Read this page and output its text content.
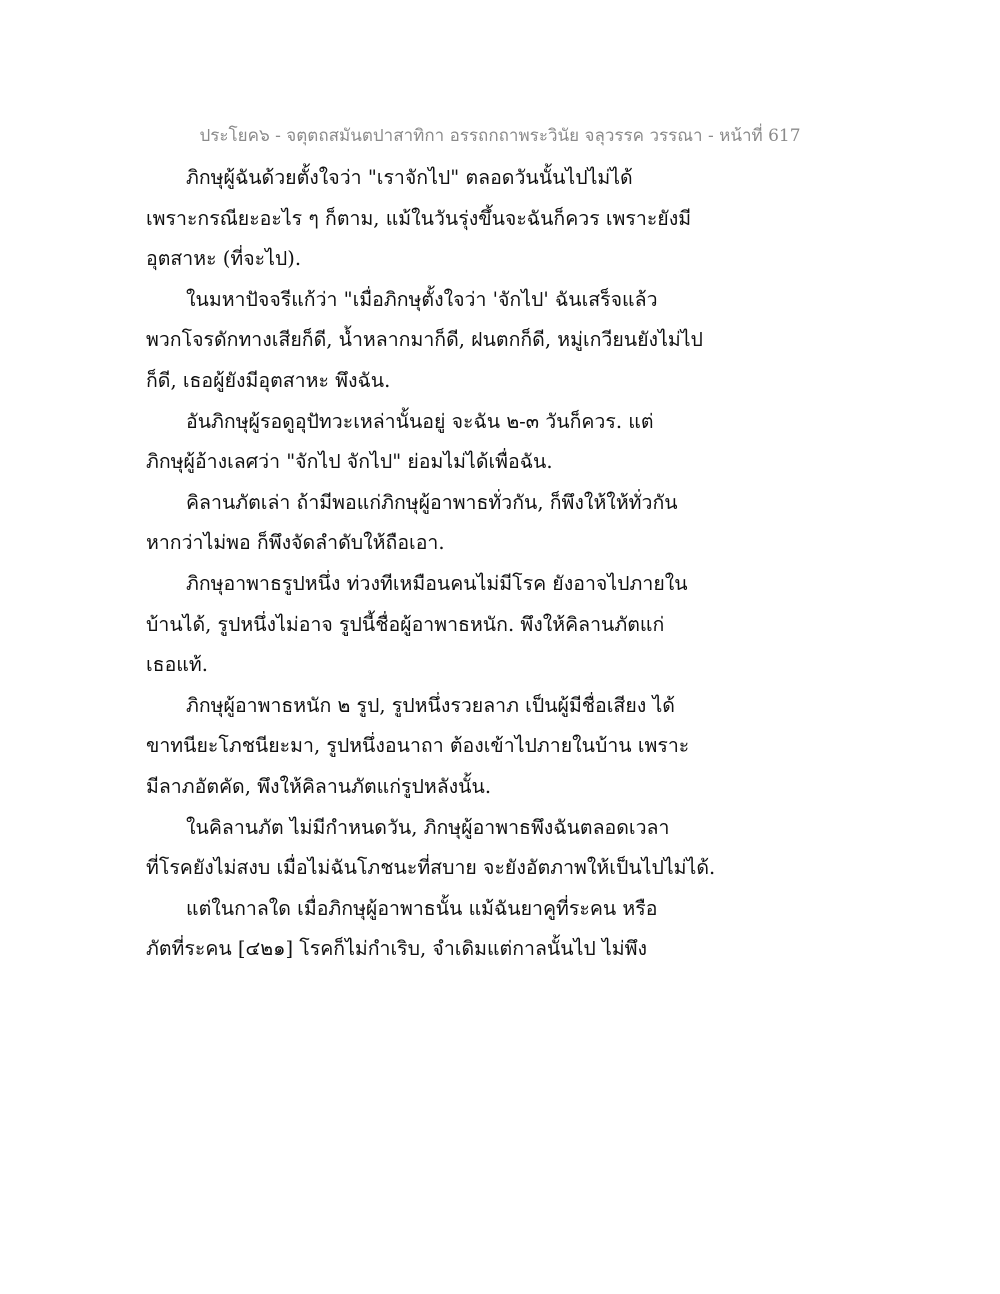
ประโยค๖ - จตุตถสมันตปาสาทิกา อรรถกถาพระวินัย จลุวรรค วรรณา - หน้าที่ 617
ภิกษุผู้ฉันด้วยตั้งใจว่า "เราจักไป" ตลอดวันนั้นไปไม่ได้
เพราะกรณียะอะไร ๆ ก็ตาม, แม้ในวันรุ่งขึ้นจะฉันก็ควร เพราะยังมี
อุตสาหะ (ที่จะไป).
ในมหาปัจจรีแก้ว่า "เมื่อภิกษุตั้งใจว่า 'จักไป' ฉันเสร็จแล้ว
พวกโจรดักทางเสียก็ดี, น้ำหลากมาก็ดี, ฝนตกก็ดี, หมู่เกวียนยังไม่ไป
ก็ดี, เธอผู้ยังมีอุตสาหะ พึงฉัน.
อันภิกษุผู้รอดูอุปัทวะเหล่านั้นอยู่ จะฉัน ๒-๓ วันก็ควร. แต่
ภิกษุผู้อ้างเลศว่า "จักไป จักไป" ย่อมไม่ได้เพื่อฉัน.
คิลานภัตเล่า ถ้ามีพอแก่ภิกษุผู้อาพาธทั่วกัน, ก็พึงให้ให้ทั่วกัน
หากว่าไม่พอ ก็พึงจัดลำดับให้ถือเอา.
ภิกษุอาพาธรูปหนึ่ง ท่วงทีเหมือนคนไม่มีโรค ยังอาจไปภายใน
บ้านได้, รูปหนึ่งไม่อาจ รูปนี้ชื่อผู้อาพาธหนัก. พึงให้คิลานภัตแก่
เธอแท้.
ภิกษุผู้อาพาธหนัก ๒ รูป, รูปหนึ่งรวยลาภ เป็นผู้มีชื่อเสียง ได้
ขาทนียะโภชนียะมา, รูปหนึ่งอนาถา ต้องเข้าไปภายในบ้าน เพราะ
มีลาภอัตคัด, พึงให้คิลานภัตแก่รูปหลังนั้น.
ในคิลานภัต ไม่มีกำหนดวัน, ภิกษุผู้อาพาธพึงฉันตลอดเวลา
ที่โรคยังไม่สงบ เมื่อไม่ฉันโภชนะที่สบาย จะยังอัตภาพให้เป็นไปไม่ได้.
แต่ในกาลใด เมื่อภิกษุผู้อาพาธนั้น แม้ฉันยาคูที่ระคน หรือ
ภัตที่ระคน [๔๒๑] โรคก็ไม่กำเริบ, จำเดิมแต่กาลนั้นไป ไม่พึง
